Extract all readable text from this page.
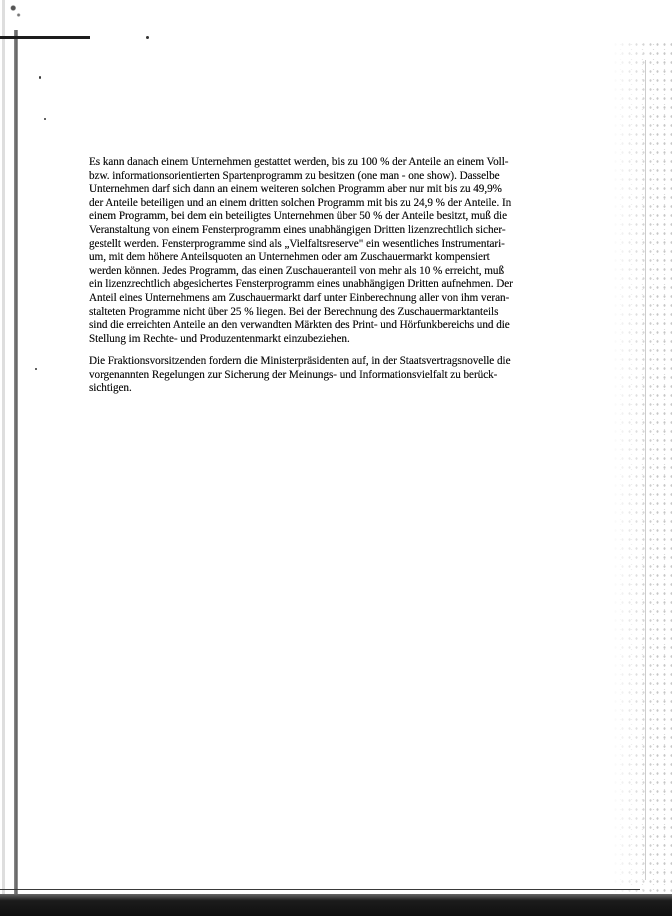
Es kann danach einem Unternehmen gestattet werden, bis zu 100 % der Anteile an einem Voll-
bzw. informationsorientierten Spartenprogramm zu besitzen (one man - one show). Dasselbe
Unternehmen darf sich dann an einem weiteren solchen Programm aber nur mit bis zu 49,9%
der Anteile beteiligen und an einem dritten solchen Programm mit bis zu 24,9 % der Anteile. In
einem Programm, bei dem ein beteiligtes Unternehmen über 50 % der Anteile besitzt, muß die
Veranstaltung von einem Fensterprogramm eines unabhängigen Dritten lizenzrechtlich sicher-
gestellt werden. Fensterprogramme sind als „Vielfaltsreserve" ein wesentliches Instrumentari-
um, mit dem höhere Anteilsquoten an Unternehmen oder am Zuschauermarkt kompensiert
werden können. Jedes Programm, das einen Zuschaueranteil von mehr als 10 % erreicht, muß
ein lizenzrechtlich abgesichertes Fensterprogramm eines unabhängigen Dritten aufnehmen. Der
Anteil eines Unternehmens am Zuschauermarkt darf unter Einberechnung aller von ihm veran-
stalteten Programme nicht über 25 % liegen. Bei der Berechnung des Zuschauermarktanteils
sind die erreichten Anteile an den verwandten Märkten des Print- und Hörfunkbereichs und die
Stellung im Rechte- und Produzentenmarkt einzubeziehen.
Die Fraktionsvorsitzenden fordern die Ministerpräsidenten auf, in der Staatsvertragsnovelle die
vorgenannten Regelungen zur Sicherung der Meinungs- und Informationsvielfalt zu berück-
sichtigen.
